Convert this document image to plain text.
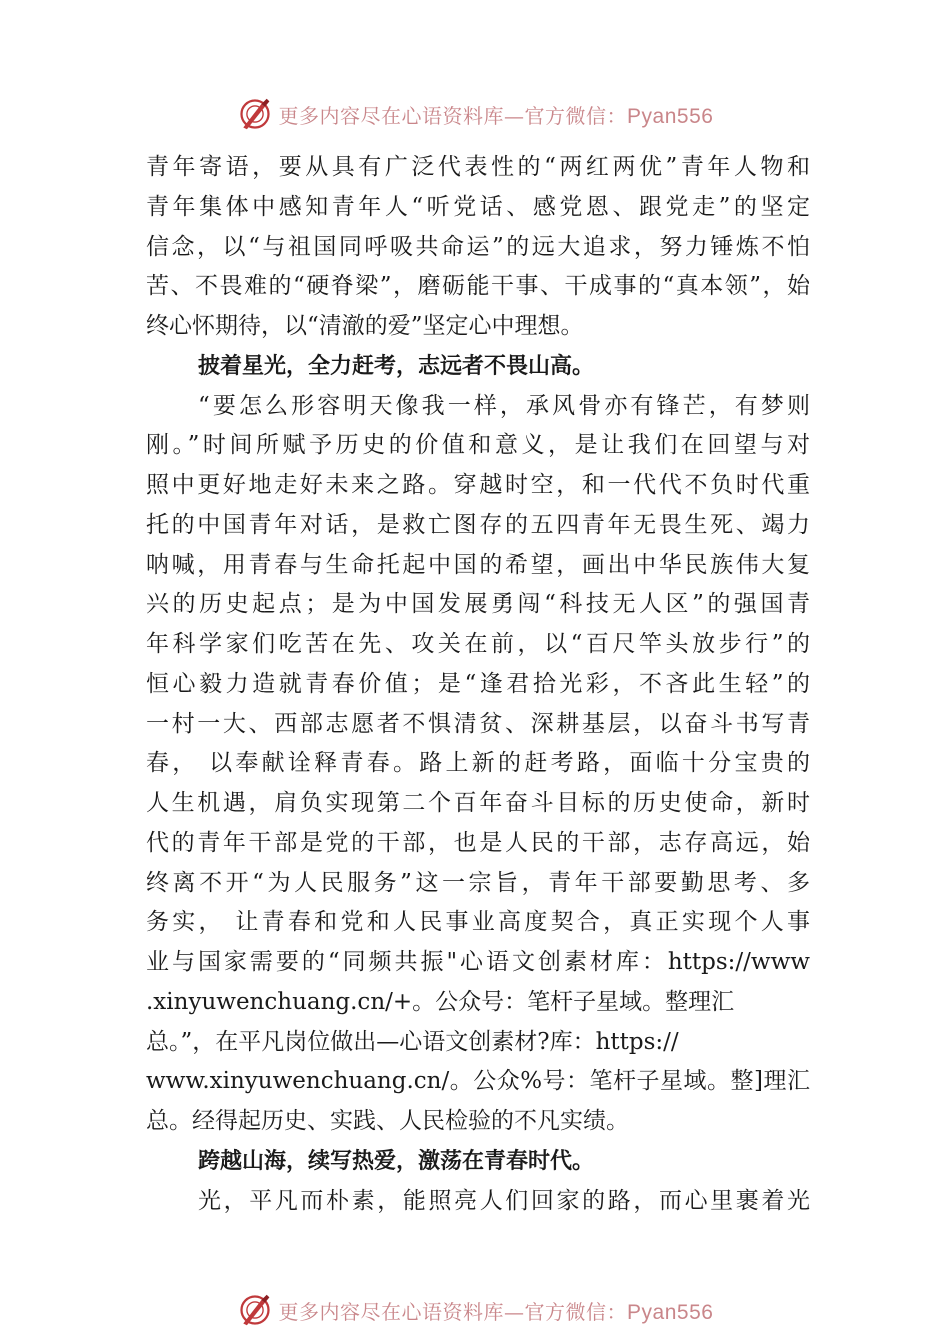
更多内容尽在心语资料库—官方微信：Pyan556
青年寄语，要从具有广泛代表性的“两红两优”青年人物和
青年集体中感知青年人“听党话、感党恩、跟党走”的坚定
信念，以“与祖国同呼吸共命运”的远大追求，努力锤炼不怕
苦、不畏难的“硬脊梁”，磨砺能干事、干成事的“真本领”，始
终心怀期待，以“清澈的爱”坚定心中理想。
披着星光，全力赶考，志远者不畏山高。
“要怎么形容明天像我一样，承风骨亦有锋芒，有梦则
刚。”时间所赋予历史的价值和意义，是让我们在回望与对
照中更好地走好未来之路。穿越时空，和一代代不负时代重
托的中国青年对话，是救亡图存的五四青年无畏生死、竭力
呐喊，用青春与生命托起中国的希望，画出中华民族伟大复
兴的历史起点；是为中国发展勇闯“科技无人区”的强国青
年科学家们吃苦在先、攻关在前，以“百尺竿头放步行”的
恒心毅力造就青春价值；是“逢君拾光彩，不吝此生轻”的
一村一大、西部志愿者不惧清贫、深耕基层，以奋斗书写青
春， 以奉献诠释青春。路上新的赶考路，面临十分宝贵的
人生机遇，肩负实现第二个百年奋斗目标的历史使命，新时
代的青年干部是党的干部，也是人民的干部，志存高远，始
终离不开“为人民服务”这一宗旨，青年干部要勤思考、多
务实， 让青春和党和人民事业高度契合，真正实现个人事
业与国家需要的“同频共振"心语文创素材库：https://www
.xinyuwenchuang.cn/+。公众号：笔杆子星域。整理汇
总。”，在平凡岗位做出—心语文创素材?库：https://
www.xinyuwenchuang.cn/。公众%号：笔杆子星域。整]理汇
总。经得起历史、实践、人民检验的不凡实绩。
跨越山海，续写热爱，激荡在青春时代。
光，平凡而朴素，能照亮人们回家的路，而心里裹着光
更多内容尽在心语资料库—官方微信：Pyan556
